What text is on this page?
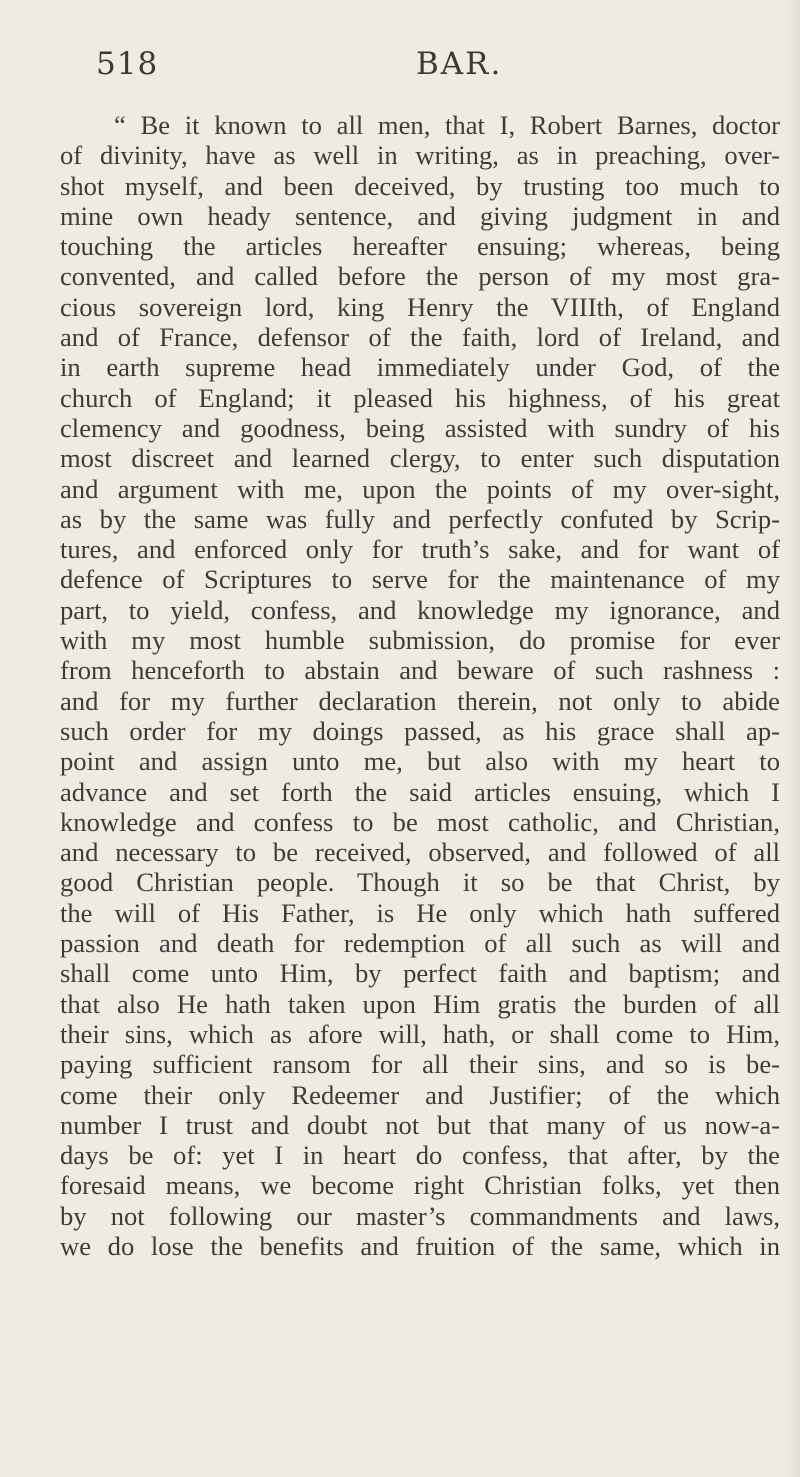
518	BAR.
“ Be it known to all men, that I, Robert Barnes, doctor
of divinity, have as well in writing, as in preaching, over-
shot myself, and been deceived, by trusting too much to
mine own heady sentence, and giving judgment in and
touching the articles hereafter ensuing; whereas, being
convented, and called before the person of my most gra-
cious sovereign lord, king Henry the VIIIth, of England
and of France, defensor of the faith, lord of Ireland, and
in earth supreme head immediately under God, of the
church of England; it pleased his highness, of his great
clemency and goodness, being assisted with sundry of his
most discreet and learned clergy, to enter such disputation
and argument with me, upon the points of my over-sight,
as by the same was fully and perfectly confuted by Scrip-
tures, and enforced only for truth’s sake, and for want of
defence of Scriptures to serve for the maintenance of my
part, to yield, confess, and knowledge my ignorance, and
with my most humble submission, do promise for ever
from henceforth to abstain and beware of such rashness :
and for my further declaration therein, not only to abide
such order for my doings passed, as his grace shall ap-
point and assign unto me, but also with my heart to
advance and set forth the said articles ensuing, which I
knowledge and confess to be most catholic, and Christian,
and necessary to be received, observed, and followed of all
good Christian people. Though it so be that Christ, by
the will of His Father, is He only which hath suffered
passion and death for redemption of all such as will and
shall come unto Him, by perfect faith and baptism; and
that also He hath taken upon Him gratis the burden of all
their sins, which as afore will, hath, or shall come to Him,
paying sufficient ransom for all their sins, and so is be-
come their only Redeemer and Justifier; of the which
number I trust and doubt not but that many of us now-a-
days be of: yet I in heart do confess, that after, by the
foresaid means, we become right Christian folks, yet then
by not following our master’s commandments and laws,
we do lose the benefits and fruition of the same, which in
